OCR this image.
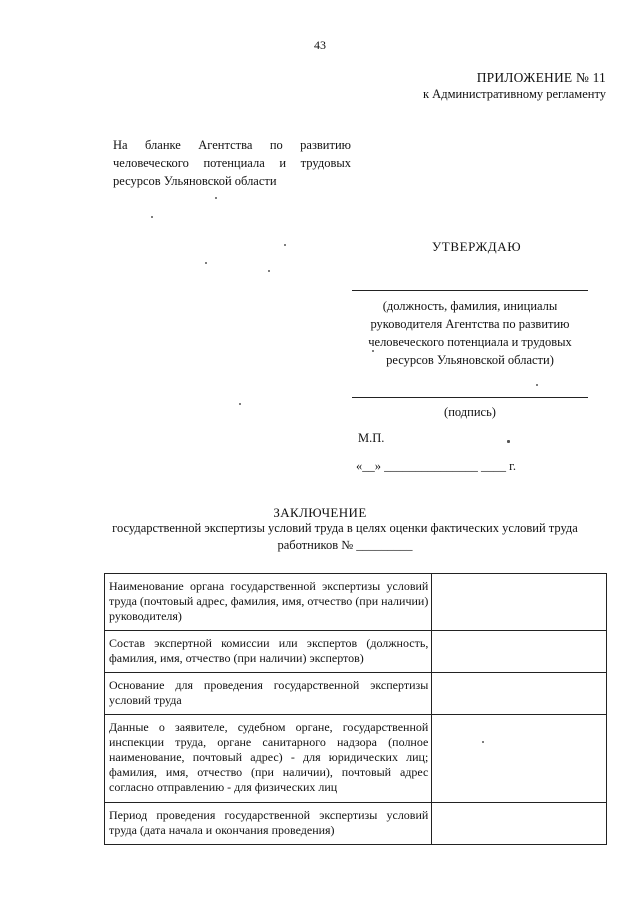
43
ПРИЛОЖЕНИЕ № 11
к Административному регламенту
На бланке Агентства по развитию человеческого потенциала и трудовых ресурсов Ульяновской области
УТВЕРЖДАЮ
(должность, фамилия, инициалы руководителя Агентства по развитию человеческого потенциала и трудовых ресурсов Ульяновской области)
(подпись)
М.П.
«__» _______________ ____ г.
ЗАКЛЮЧЕНИЕ
государственной экспертизы условий труда в целях оценки фактических условий труда работников № _________
Наименование органа государственной экспертизы условий труда (почтовый адрес, фамилия, имя, отчество (при наличии) руководителя)	
Состав экспертной комиссии или экспертов (должность, фамилия, имя, отчество (при наличии) экспертов)	
Основание для проведения государственной экспертизы условий труда	
Данные о заявителе, судебном органе, государственной инспекции труда, органе санитарного надзора (полное наименование, почтовый адрес) - для юридических лиц; фамилия, имя, отчество (при наличии), почтовый адрес согласно отправлению - для физических лиц	
Период проведения государственной экспертизы условий труда (дата начала и окончания проведения)	
